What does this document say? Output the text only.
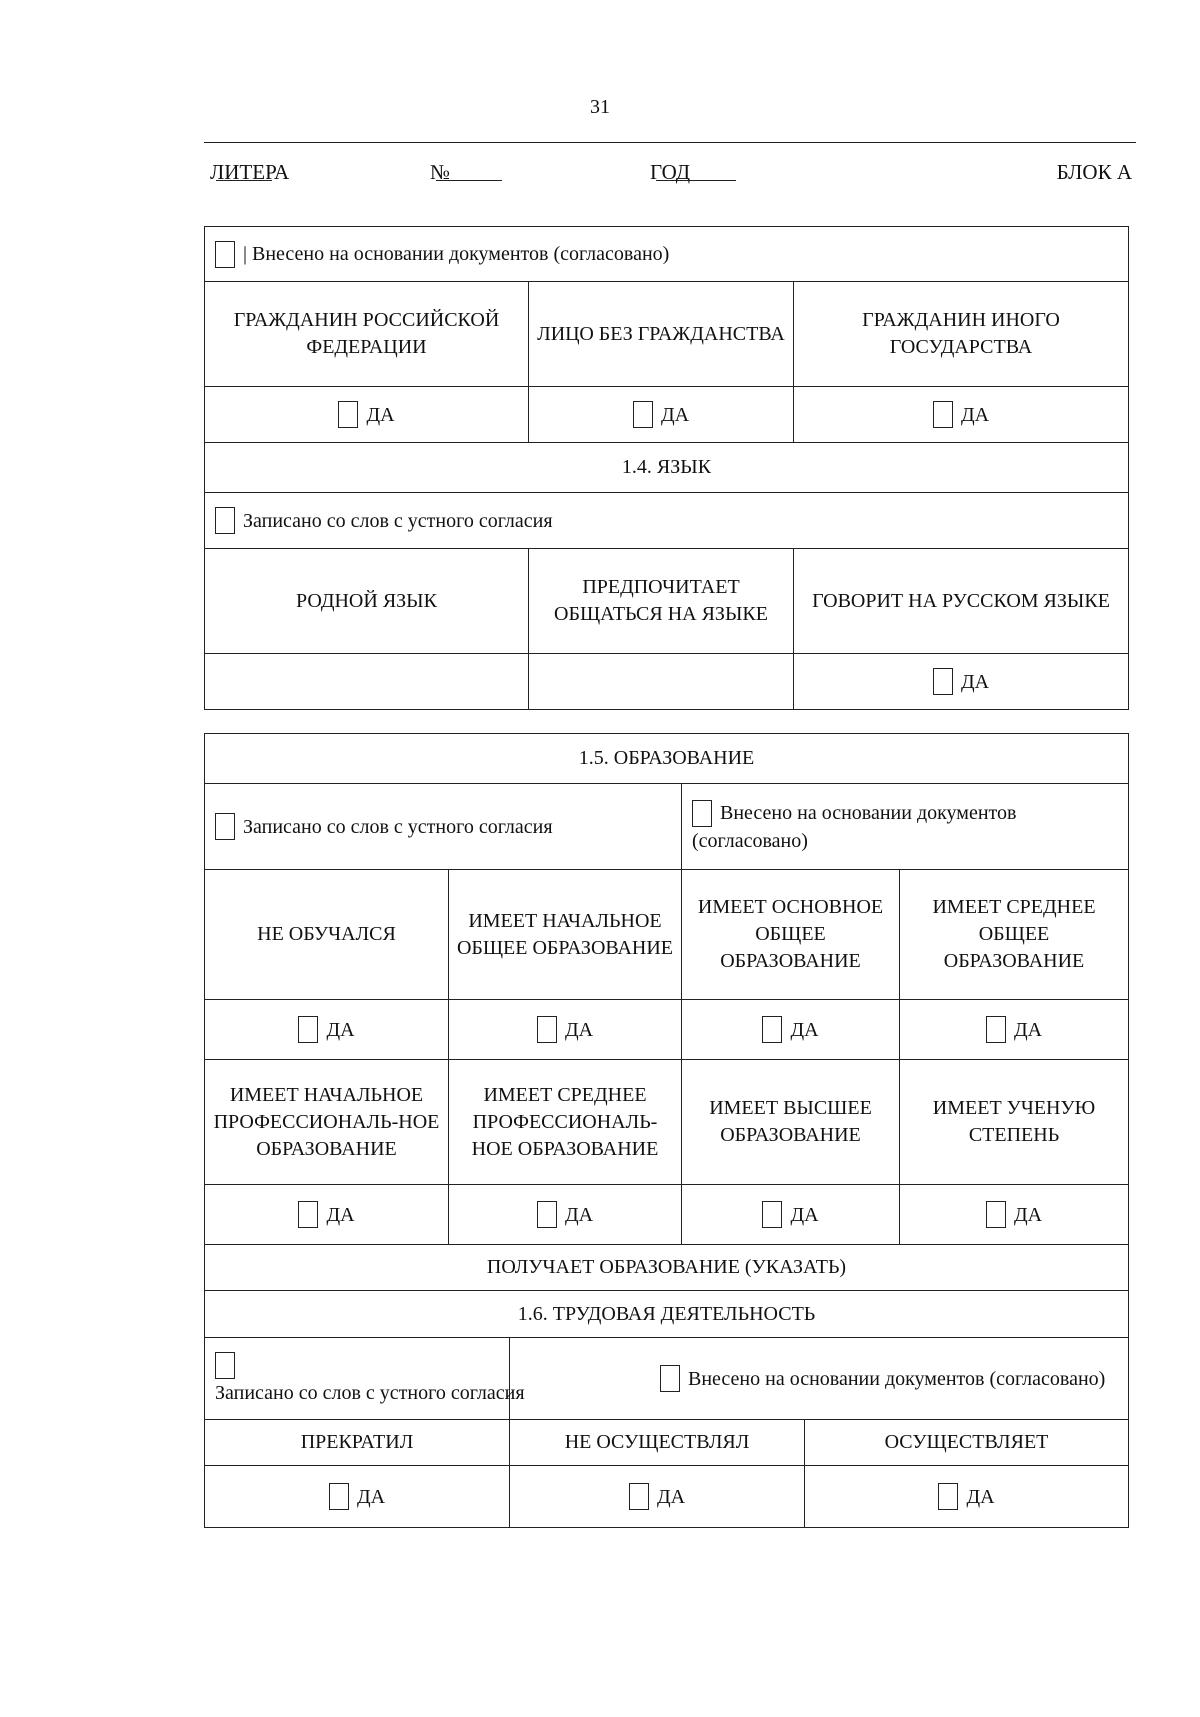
31
ЛИТЕРА	№	ГОД	БЛОК А
| Внесено на основании документов (согласовано)		
ГРАЖДАНИН РОССИЙСКОЙ ФЕДЕРАЦИИ	ЛИЦО БЕЗ ГРАЖДАНСТВА	ГРАЖДАНИН ИНОГО ГОСУДАРСТВА
ДА	ДА	ДА
1.4. ЯЗЫК		
Записано со слов с устного согласия		
РОДНОЙ ЯЗЫК	ПРЕДПОЧИТАЕТ ОБЩАТЬСЯ НА ЯЗЫКЕ	ГОВОРИТ НА РУССКОМ ЯЗЫКЕ
		ДА
1.5. ОБРАЗОВАНИЕ			
Записано со слов с устного согласия		Внесено на основании документов (согласовано)	
НЕ ОБУЧАЛСЯ	ИМЕЕТ НАЧАЛЬНОЕ ОБЩЕЕ ОБРАЗОВАНИЕ	ИМЕЕТ ОСНОВНОЕ ОБЩЕЕ ОБРАЗОВАНИЕ	ИМЕЕТ СРЕДНЕЕ ОБЩЕЕ ОБРАЗОВАНИЕ
ДА	ДА	ДА	ДА
ИМЕЕТ НАЧАЛЬНОЕ ПРОФЕССИОНАЛЬ-НОЕ ОБРАЗОВАНИЕ	ИМЕЕТ СРЕДНЕЕ ПРОФЕССИОНАЛЬ-НОЕ ОБРАЗОВАНИЕ	ИМЕЕТ ВЫСШЕЕ ОБРАЗОВАНИЕ	ИМЕЕТ УЧЕНУЮ СТЕПЕНЬ
ДА	ДА	ДА	ДА
ПОЛУЧАЕТ ОБРАЗОВАНИЕ (УКАЗАТЬ)			
1.6. ТРУДОВАЯ ДЕЯТЕЛЬНОСТЬ		
Записано со слов с устного согласия	Внесено на основании документов (согласовано)	
ПРЕКРАТИЛ	НЕ ОСУЩЕСТВЛЯЛ	ОСУЩЕСТВЛЯЕТ
ДА	ДА	ДА
